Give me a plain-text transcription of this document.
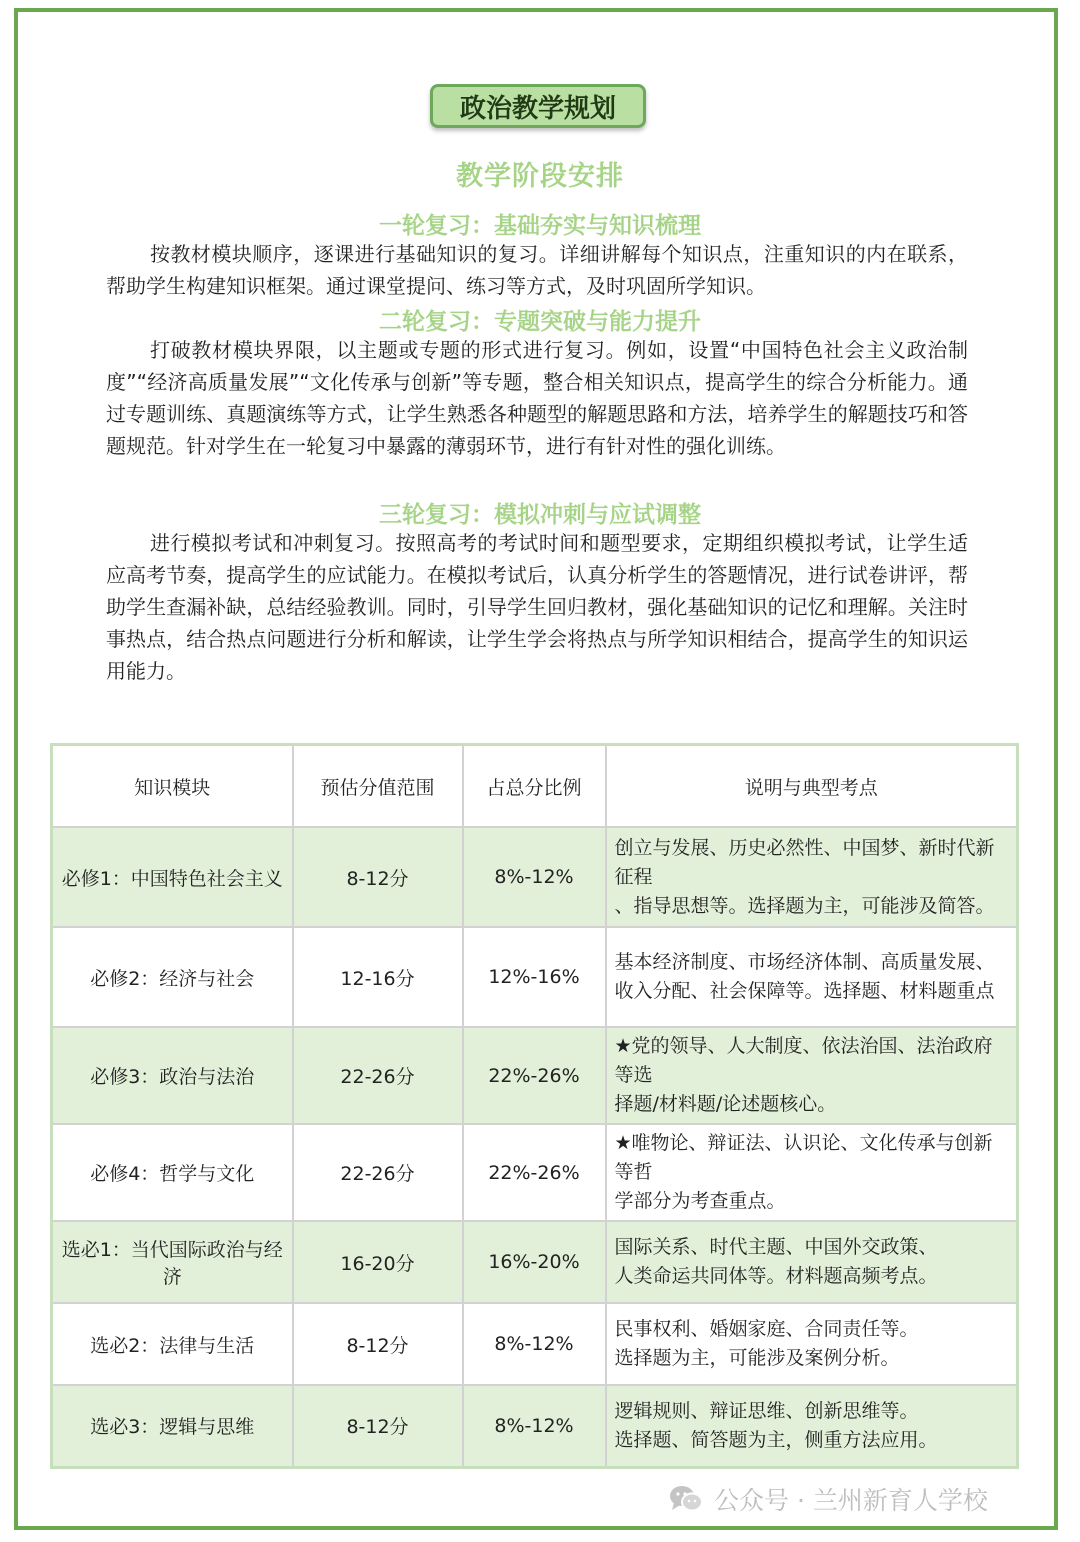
政治教学规划
教学阶段安排
一轮复习：基础夯实与知识梳理

按教材模块顺序，逐课进行基础知识的复习。详细讲解每个知识点，注重知识的内在联系，帮助学生构建知识框架。通过课堂提问、练习等方式，及时巩固所学知识。

二轮复习：专题突破与能力提升

打破教材模块界限，以主题或专题的形式进行复习。例如，设置“中国特色社会主义政治制度”“经济高质量发展”“文化传承与创新”等专题，整合相关知识点，提高学生的综合分析能力。通过专题训练、真题演练等方式，让学生熟悉各种题型的解题思路和方法，培养学生的解题技巧和答题规范。针对学生在一轮复习中暴露的薄弱环节，进行有针对性的强化训练。

三轮复习：模拟冲刺与应试调整

进行模拟考试和冲刺复习。按照高考的考试时间和题型要求，定期组织模拟考试，让学生适应高考节奏，提高学生的应试能力。在模拟考试后，认真分析学生的答题情况，进行试卷讲评，帮助学生查漏补缺，总结经验教训。同时，引导学生回归教材，强化基础知识的记忆和理解。关注时事热点，结合热点问题进行分析和解读，让学生学会将热点与所学知识相结合，提高学生的知识运用能力。

知识模块	预估分值范围	占总分比例	说明与典型考点
必修1：中国特色社会主义	8-12分	8%-12%	创立与发展、历史必然性、中国梦、新时代新征程
、指导思想等。选择题为主，可能涉及简答。

必修2：经济与社会	12-16分	12%-16%	基本经济制度、市场经济体制、高质量发展、
收入分配、社会保障等。选择题、材料题重点

必修3：政治与法治	22-26分	22%-26%	★党的领导、人大制度、依法治国、法治政府等选
择题/材料题/论述题核心。

必修4：哲学与文化	22-26分	22%-26%	★唯物论、辩证法、认识论、文化传承与创新等哲
学部分为考查重点。

选必1：当代国际政治与经济	16-20分	16%-20%	国际关系、时代主题、中国外交政策、
人类命运共同体等。材料题高频考点。

选必2：法律与生活	8-12分	8%-12%	民事权利、婚姻家庭、合同责任等。
选择题为主，可能涉及案例分析。

选必3：逻辑与思维	8-12分	8%-12%	逻辑规则、辩证思维、创新思维等。
选择题、简答题为主，侧重方法应用。
公众号 · 兰州新育人学校
